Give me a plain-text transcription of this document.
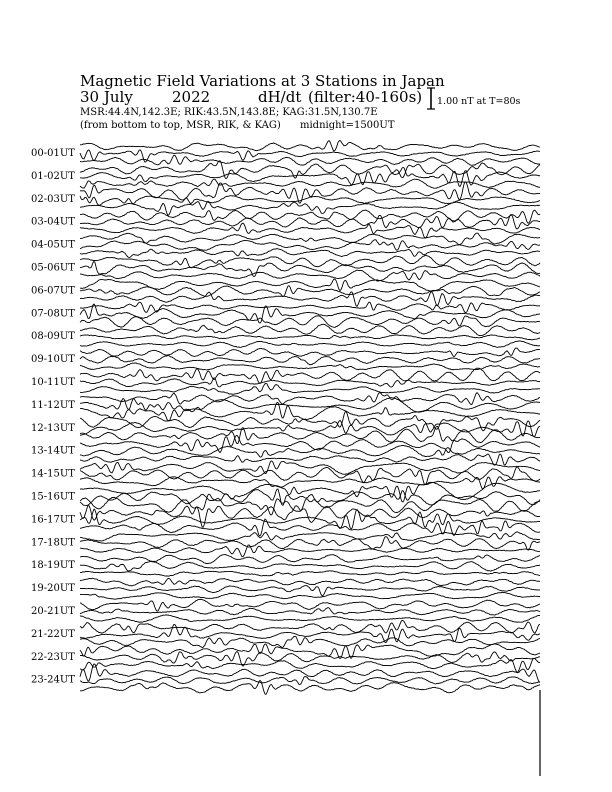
Magnetic Field Variations at 3 Stations in Japan
30 July	2022	dH/dt (filter:40-160s)
MSR:44.4N,142.3E; RIK:43.5N,143.8E; KAG:31.5N,130.7E
(from bottom to top, MSR, RIK, & KAG) midnight=1500UT
1.00 nT at T=80s
00-01UT
01-02UT
02-03UT
03-04UT
04-05UT
05-06UT
06-07UT
07-08UT
08-09UT
09-10UT
10-11UT
11-12UT
12-13UT
13-14UT
14-15UT
15-16UT
16-17UT
17-18UT
18-19UT
19-20UT
20-21UT
21-22UT
22-23UT
23-24UT
